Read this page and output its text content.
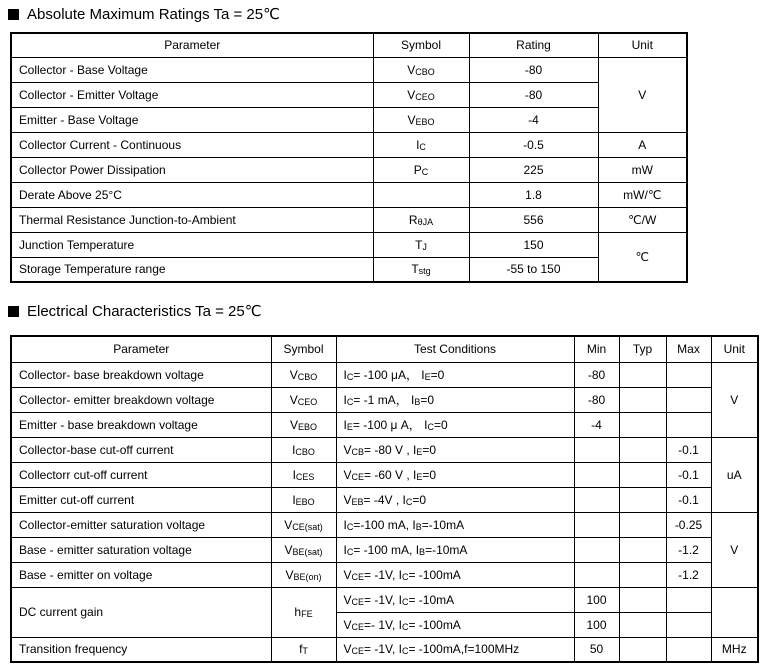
Absolute Maximum Ratings Ta = 25℃
Parameter	Symbol	Rating	Unit
Collector - Base Voltage	$V_{CBO}$	-80	V
Collector - Emitter Voltage	$V_{CEO}$	-80	
Emitter - Base Voltage	$V_{EBO}$	-4	
Collector Current - Continuous	$I_C$	-0.5	A
Collector Power Dissipation	$P_C$	225	mW
Derate Above 25°C		1.8	mW/℃
Thermal Resistance Junction-to-Ambient	$R_{\theta JA}$	556	℃/W
Junction Temperature	$T_J$	150	℃
Storage Temperature range	$T_{stg}$	-55 to 150	
Electrical Characteristics Ta = 25℃
Parameter	Symbol	Test Conditions	Min	Typ	Max	Unit
Collector- base breakdown voltage	$V_{CBO}$	$I_C= -100$ μA， $I_E=0$	-80			V
Collector- emitter breakdown voltage	$V_{CEO}$	$I_C= -1$ mA， $I_B=0$	-80			
Emitter - base breakdown voltage	$V_{EBO}$	$I_E= -100$ μ A， $I_C=0$	-4			
Collector-base cut-off current	$I_{CBO}$	$V_{CB}= -80$ V , $I_E=0$			-0.1	uA
Collectorr cut-off current	$I_{CES}$	$V_{CE}= -60$ V , $I_E=0$			-0.1	
Emitter cut-off current	$I_{EBO}$	$V_{EB}= -4V$ , $I_C=0$			-0.1	
Collector-emitter saturation voltage	$V_{CE(sat)}$	$I_C=-100$ mA, $I_B=-10mA$			-0.25	V
Base - emitter saturation voltage	$V_{BE(sat)}$	$I_C= -100$ mA, $I_B=-10mA$			-1.2	
Base - emitter on voltage	$V_{BE(on)}$	$V_{CE}= -1V$, $I_C= -100mA$			-1.2	
DC current gain	$h_{FE}$	$V_{CE}= -1V$, $I_C= -10mA$	100			
		$V_{CE}=-$ 1V, $I_C= -100mA$	100			
Transition frequency	$f_T$	$V_{CE}= -1V$, $I_C= -100mA,f=100MHz$	50			MHz
